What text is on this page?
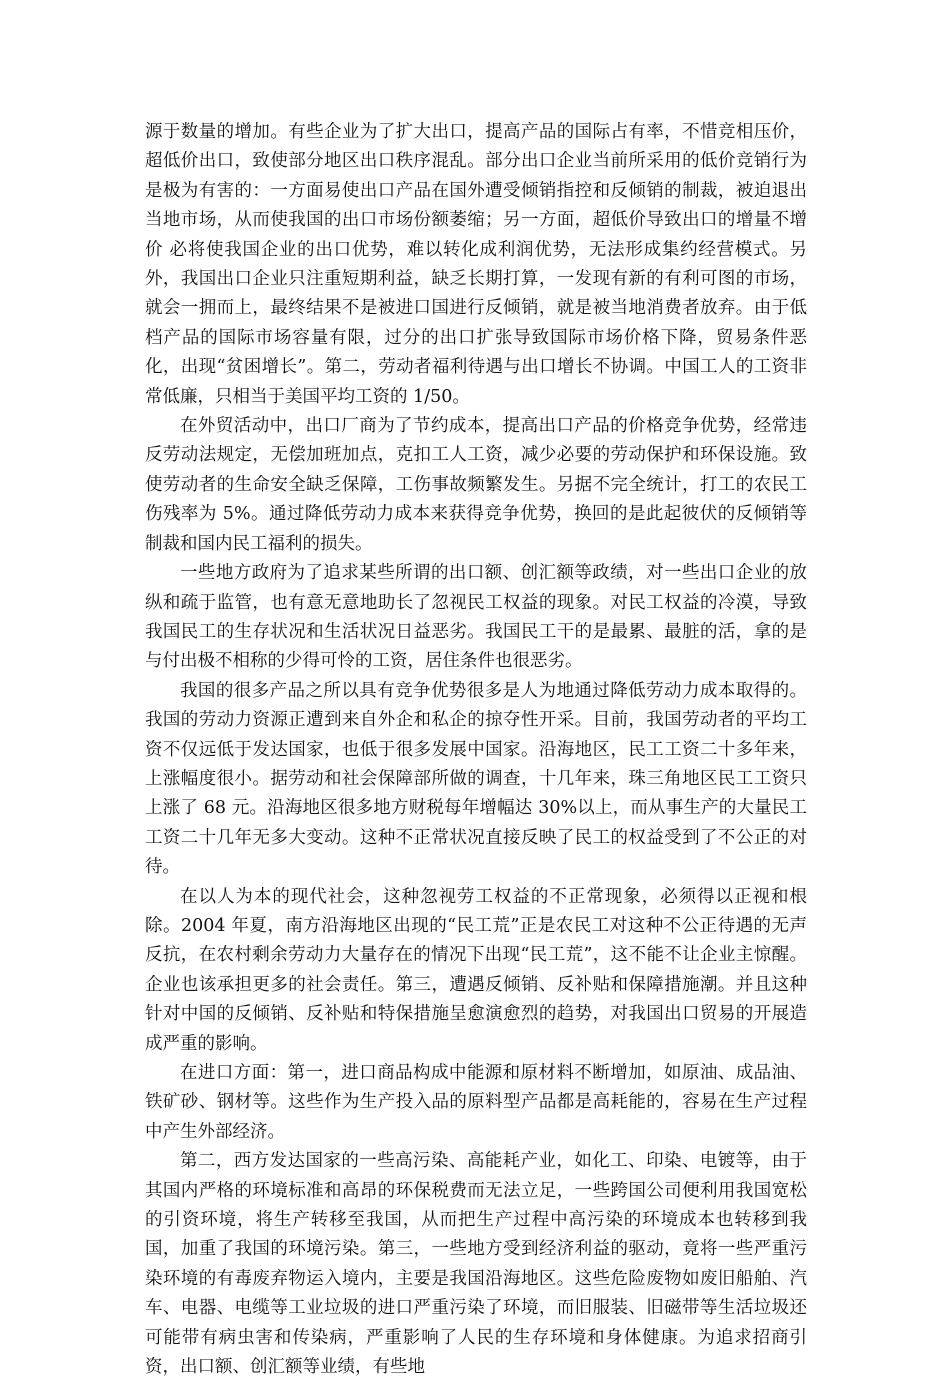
源于数量的增加。有些企业为了扩大出口，提高产品的国际占有率，不惜竞相压价，超低价出口，致使部分地区出口秩序混乱。部分出口企业当前所采用的低价竞销行为是极为有害的：一方面易使出口产品在国外遭受倾销指控和反倾销的制裁，被迫退出当地市场，从而使我国的出口市场份额萎缩；另一方面，超低价导致出口的增量不增价 必将使我国企业的出口优势，难以转化成利润优势，无法形成集约经营模式。另外，我国出口企业只注重短期利益，缺乏长期打算，一发现有新的有利可图的市场，就会一拥而上，最终结果不是被进口国进行反倾销，就是被当地消费者放弃。由于低档产品的国际市场容量有限，过分的出口扩张导致国际市场价格下降，贸易条件恶化，出现“贫困增长”。第二，劳动者福利待遇与出口增长不协调。中国工人的工资非常低廉，只相当于美国平均工资的 1/50。

在外贸活动中，出口厂商为了节约成本，提高出口产品的价格竞争优势，经常违反劳动法规定，无偿加班加点，克扣工人工资，减少必要的劳动保护和环保设施。致使劳动者的生命安全缺乏保障，工伤事故频繁发生。另据不完全统计，打工的农民工伤残率为 5%。通过降低劳动力成本来获得竞争优势，换回的是此起彼伏的反倾销等制裁和国内民工福利的损失。

一些地方政府为了追求某些所谓的出口额、创汇额等政绩，对一些出口企业的放纵和疏于监管，也有意无意地助长了忽视民工权益的现象。对民工权益的冷漠，导致我国民工的生存状况和生活状况日益恶劣。我国民工干的是最累、最脏的活，拿的是与付出极不相称的少得可怜的工资，居住条件也很恶劣。

我国的很多产品之所以具有竞争优势很多是人为地通过降低劳动力成本取得的。我国的劳动力资源正遭到来自外企和私企的掠夺性开采。目前，我国劳动者的平均工资不仅远低于发达国家，也低于很多发展中国家。沿海地区，民工工资二十多年来，上涨幅度很小。据劳动和社会保障部所做的调查，十几年来，珠三角地区民工工资只上涨了 68 元。沿海地区很多地方财税每年增幅达 30%以上，而从事生产的大量民工工资二十几年无多大变动。这种不正常状况直接反映了民工的权益受到了不公正的对待。

在以人为本的现代社会，这种忽视劳工权益的不正常现象，必须得以正视和根除。2004 年夏，南方沿海地区出现的“民工荒”正是农民工对这种不公正待遇的无声反抗，在农村剩余劳动力大量存在的情况下出现“民工荒”，这不能不让企业主惊醒。企业也该承担更多的社会责任。第三，遭遇反倾销、反补贴和保障措施潮。并且这种针对中国的反倾销、反补贴和特保措施呈愈演愈烈的趋势，对我国出口贸易的开展造成严重的影响。

在进口方面：第一，进口商品构成中能源和原材料不断增加，如原油、成品油、铁矿砂、钢材等。这些作为生产投入品的原料型产品都是高耗能的，容易在生产过程中产生外部经济。

第二，西方发达国家的一些高污染、高能耗产业，如化工、印染、电镀等，由于其国内严格的环境标准和高昂的环保税费而无法立足，一些跨国公司便利用我国宽松的引资环境，将生产转移至我国，从而把生产过程中高污染的环境成本也转移到我国，加重了我国的环境污染。第三，一些地方受到经济利益的驱动，竟将一些严重污染环境的有毒废弃物运入境内，主要是我国沿海地区。这些危险废物如废旧船舶、汽车、电器、电缆等工业垃圾的进口严重污染了环境，而旧服装、旧磁带等生活垃圾还可能带有病虫害和传染病，严重影响了人民的生存环境和身体健康。为追求招商引资，出口额、创汇额等业绩，有些地
